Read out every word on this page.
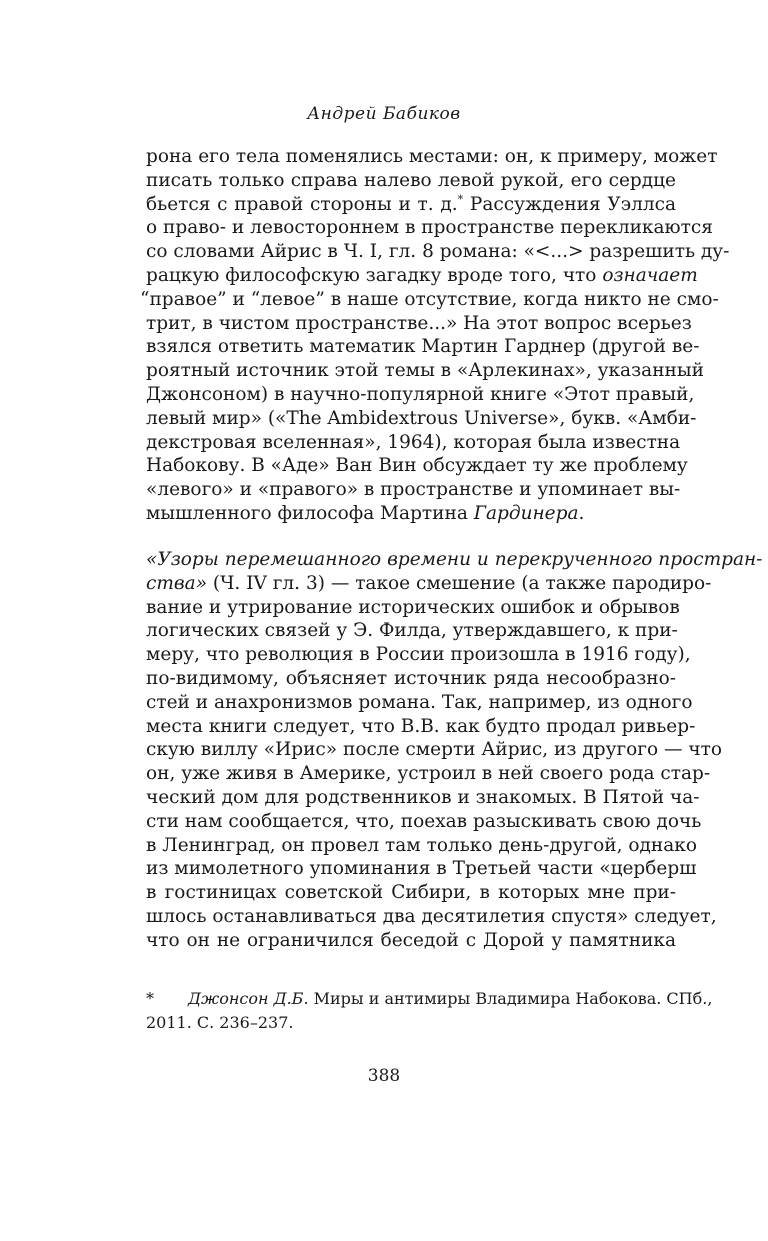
Андрей Бабиков
рона его тела поменялись местами: он, к примеру, может
писать только справа налево левой рукой, его сердце
бьется с правой стороны и т. д.* Рассуждения Уэллса
о право- и левостороннем в пространстве перекликаются
со словами Айрис в Ч. I, гл. 8 романа: «<...> разрешить ду-
рацкую философскую загадку вроде того, что означает
“правое” и “левое” в наше отсутствие, когда никто не смо-
трит, в чистом пространстве...» На этот вопрос всерьез
взялся ответить математик Мартин Гарднер (другой ве-
роятный источник этой темы в «Арлекинах», указанный
Джонсоном) в научно-популярной книге «Этот правый,
левый мир» («The Ambidextrous Universe», букв. «Амби-
декстровая вселенная», 1964), которая была известна
Набокову. В «Аде» Ван Вин обсуждает ту же проблему
«левого» и «правого» в пространстве и упоминает вы-
мышленного философа Мартина Гардинера.
«Узоры перемешанного времени и перекрученного простран-
ства» (Ч. IV гл. 3) — такое смешение (а также пародиро-
вание и утрирование исторических ошибок и обрывов
логических связей у Э. Филда, утверждавшего, к при-
меру, что революция в России произошла в 1916 году),
по-видимому, объясняет источник ряда несообразно-
стей и анахронизмов романа. Так, например, из одного
места книги следует, что В.В. как будто продал ривьер-
скую виллу «Ирис» после смерти Айрис, из другого — что
он, уже живя в Америке, устроил в ней своего рода стар-
ческий дом для родственников и знакомых. В Пятой ча-
сти нам сообщается, что, поехав разыскивать свою дочь
в Ленинград, он провел там только день-другой, однако
из мимолетного упоминания в Третьей части «церберш
в гостиницах советской Сибири, в которых мне при-
шлось останавливаться два десятилетия спустя» следует,
что он не ограничился беседой с Дорой у памятника
* Джонсон Д.Б. Миры и антимиры Владимира Набокова. СПб.,
2011. С. 236–237.
388
